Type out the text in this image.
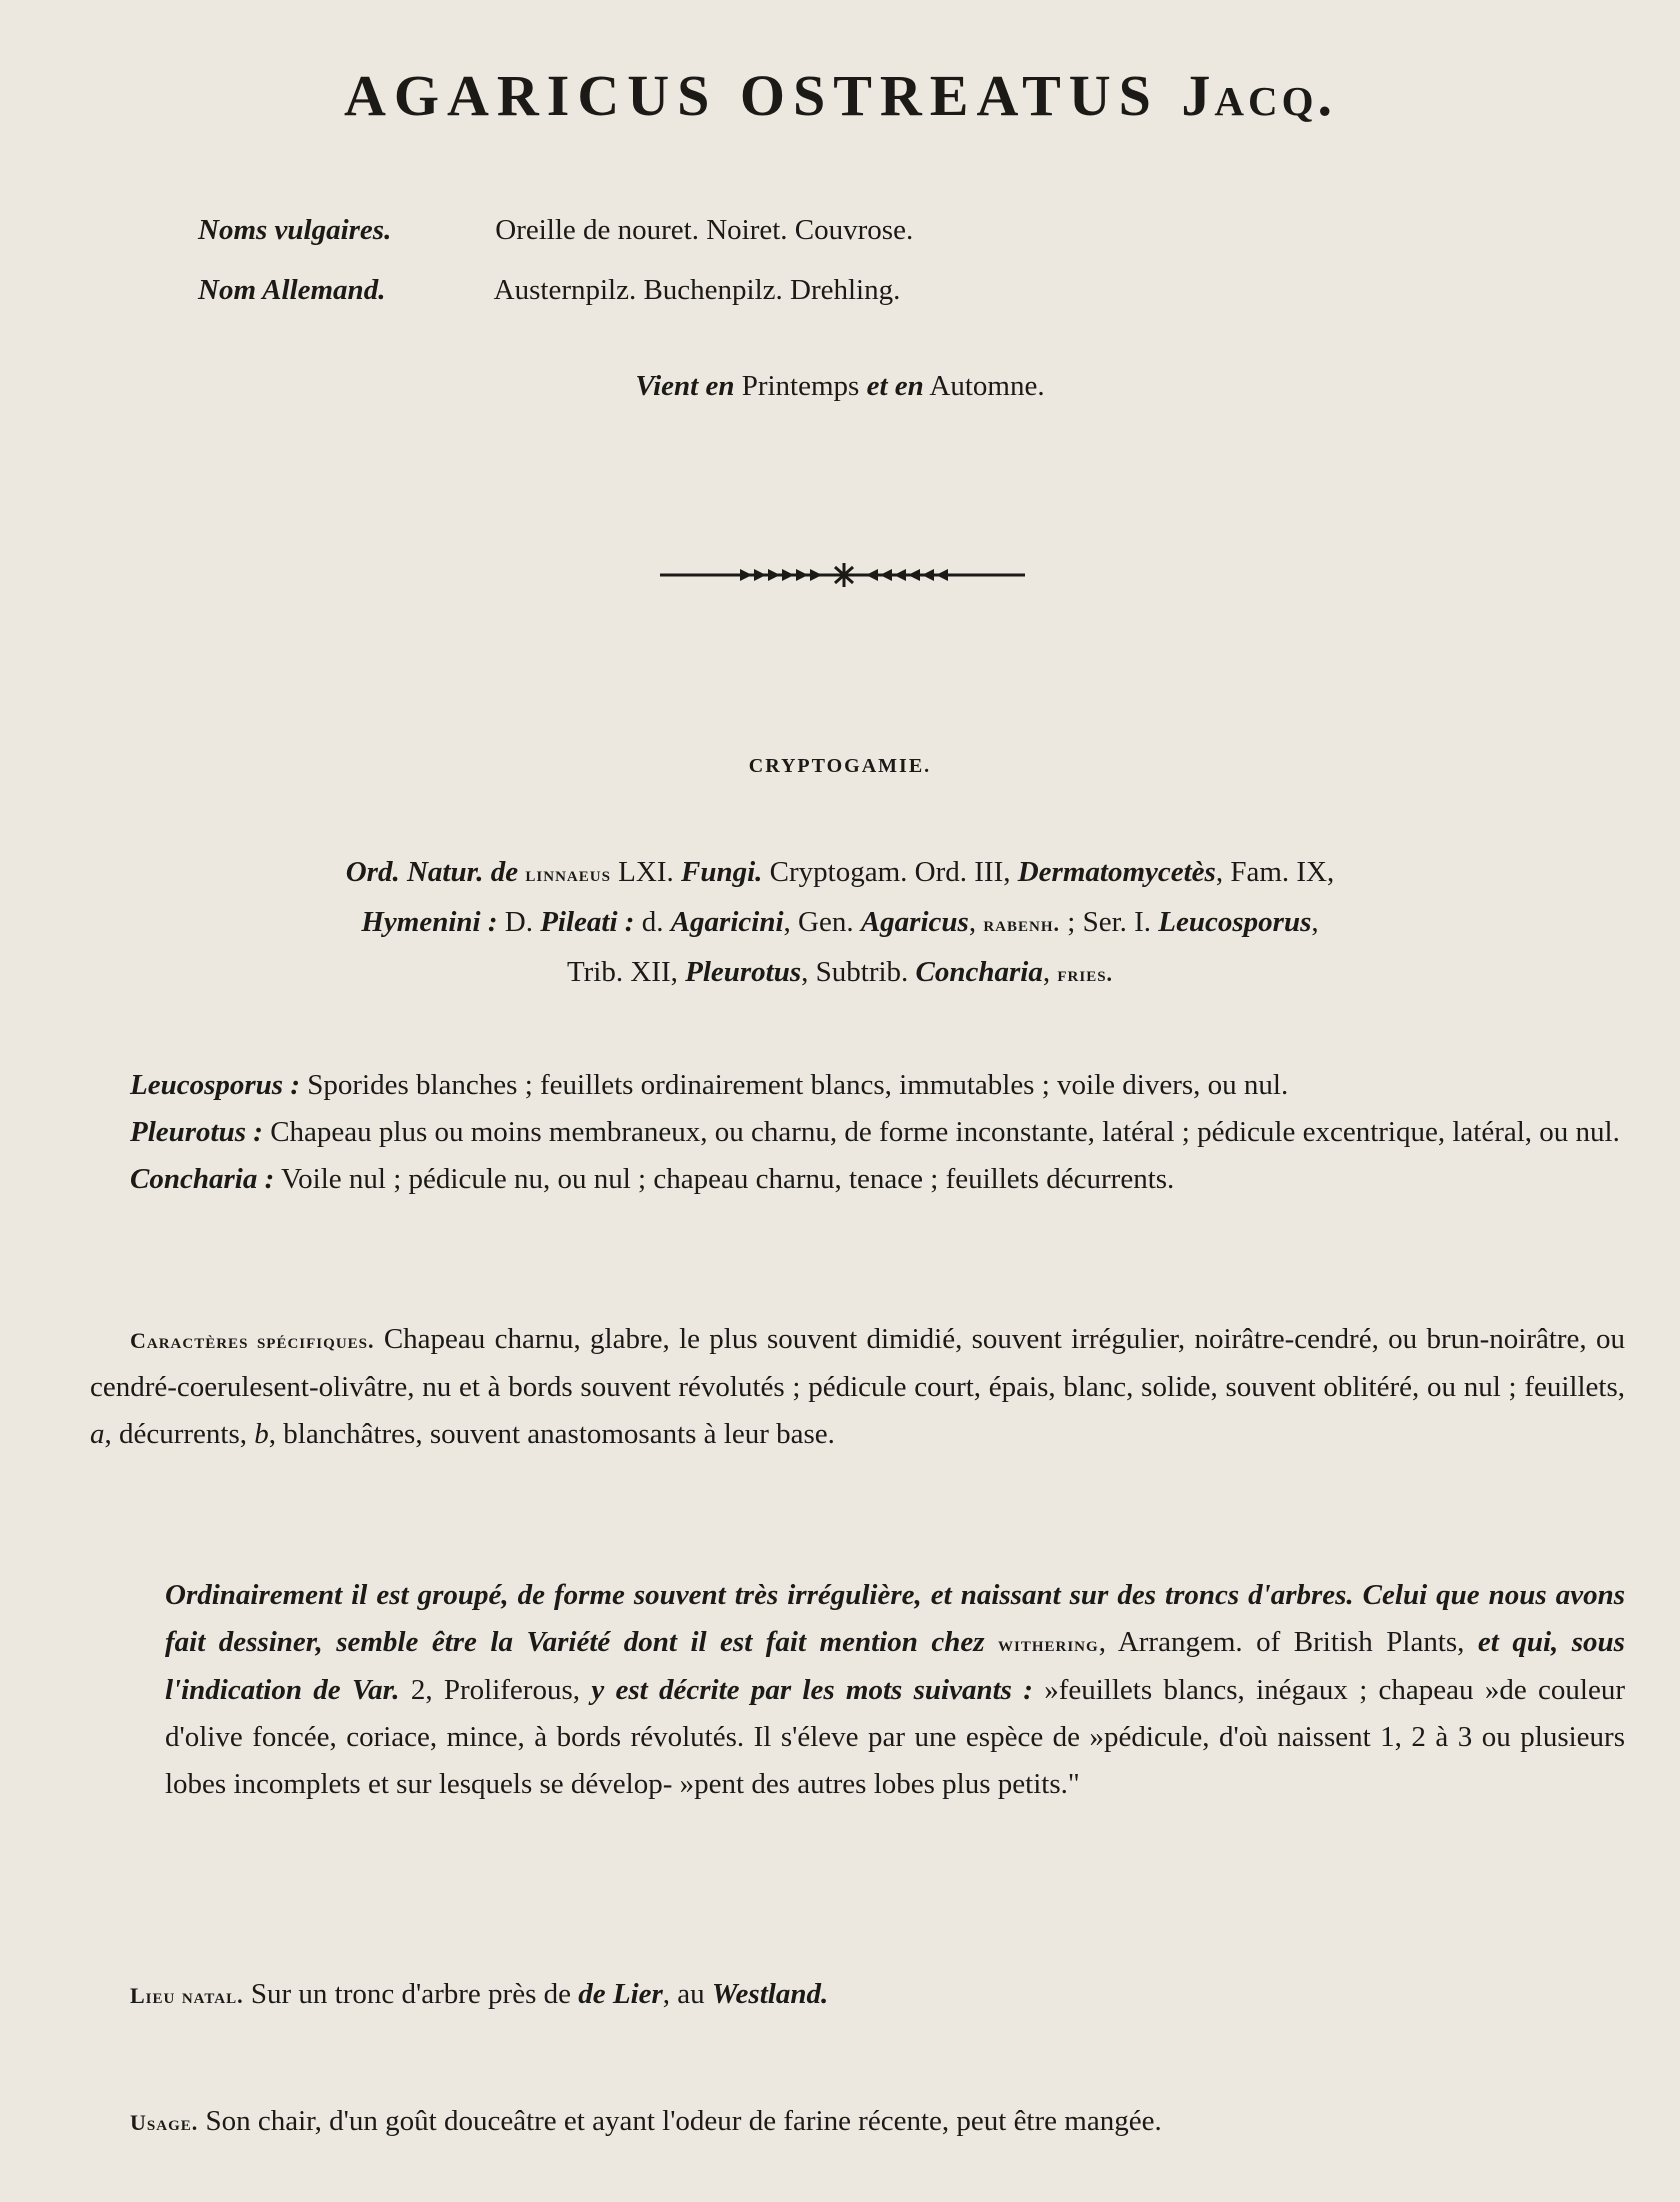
AGARICUS OSTREATUS Jacq.
Noms vulgaires.	Oreille de nouret. Noiret. Couvrose.
Nom Allemand.	Austernpilz. Buchenpilz. Drehling.
Vient en Printemps et en Automne.
CRYPTOGAMIE.
Ord. Natur. de linnaeus LXI. Fungi. Cryptogam. Ord. III, Dermatomycetès, Fam. IX,
Hymenini : D. Pileati : d. Agaricini, Gen. Agaricus, rabenh. ; Ser. I. Leucosporus,
Trib. XII, Pleurotus, Subtrib. Concharia, fries.

Leucosporus : Sporides blanches ; feuillets ordinairement blancs, immutables ; voile divers, ou nul.

Pleurotus : Chapeau plus ou moins membraneux, ou charnu, de forme inconstante, latéral ; pédicule excentrique, latéral, ou nul.

Concharia : Voile nul ; pédicule nu, ou nul ; chapeau charnu, tenace ; feuillets décurrents.

Caractères spécifiques. Chapeau charnu, glabre, le plus souvent dimidié, souvent irrégulier, noirâtre-cendré, ou brun-noirâtre, ou cendré-coerulesent-olivâtre, nu et à bords souvent révolutés ; pédicule court, épais, blanc, solide, souvent oblitéré, ou nul ; feuillets, a, décurrents, b, blanchâtres, souvent anastomosants à leur base.

Ordinairement il est groupé, de forme souvent très irrégulière, et naissant sur des troncs d'arbres. Celui que nous avons fait dessiner, semble être la Variété dont il est fait mention chez withering, Arrangem. of British Plants, et qui, sous l'indication de Var. 2, Proliferous, y est décrite par les mots suivants : »feuillets blancs, inégaux ; chapeau »de couleur d'olive foncée, coriace, mince, à bords révolutés. Il s'éleve par une espèce de »pédicule, d'où naissent 1, 2 à 3 ou plusieurs lobes incomplets et sur lesquels se dévelop- »pent des autres lobes plus petits."

Lieu natal. Sur un tronc d'arbre près de de Lier, au Westland.
Usage. Son chair, d'un goût douceâtre et ayant l'odeur de farine récente, peut être mangée.
